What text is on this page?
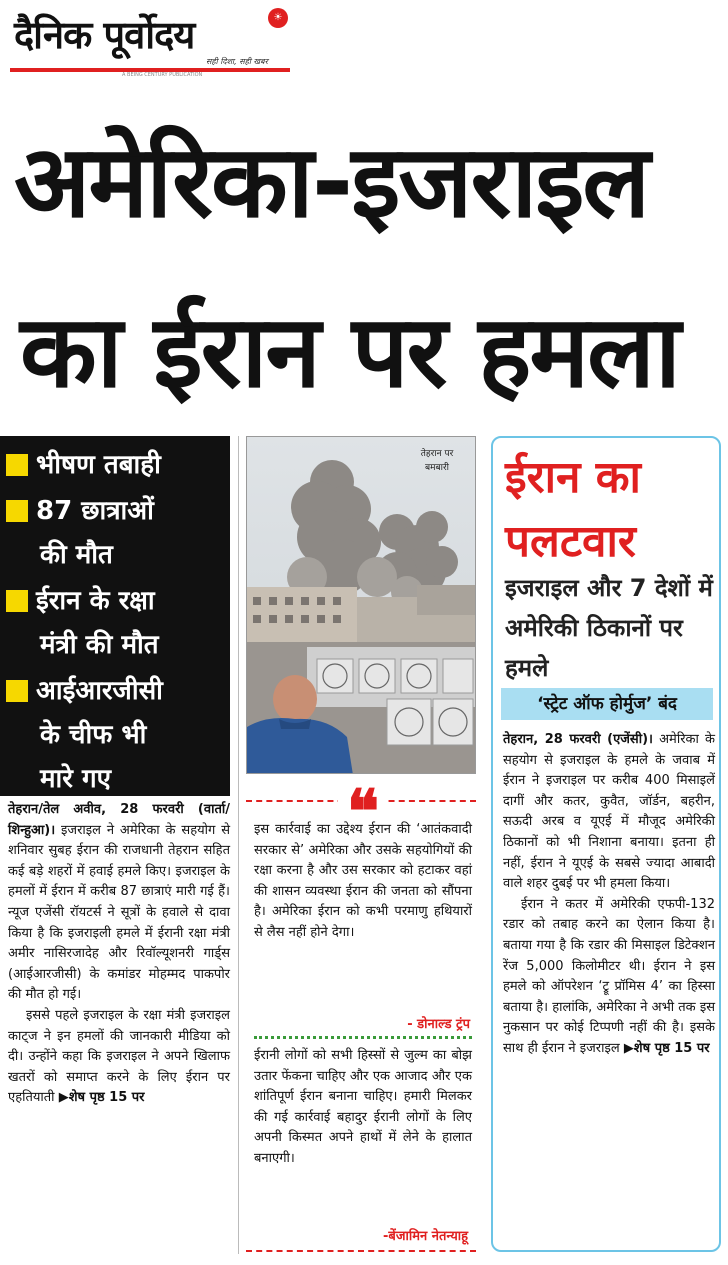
दैनिक पूर्वोदय	☀
सही दिशा, सही खबर
A BEING CENTURY PUBLICATION
अमेरिका-इजराइल
का ईरान पर हमला
भीषण तबाही
87 छात्राओं
की मौत
ईरान के रक्षा
मंत्री की मौत
आईआरजीसी
के चीफ भी
मारे गए
तेहरान पर
बमबारी	ईरान का
पलटवार
इजराइल और 7 देशों में अमेरिकी ठिकानों पर हमले
‘स्ट्रेट ऑफ होर्मुज’ बंद

तेहरान, 28 फरवरी (एजेंसी)। अमेरिका के सहयोग से इजराइल के हमले के जवाब में ईरान ने इजराइल पर करीब 400 मिसाइलें दागीं और कतर, कुवैत, जॉर्डन, बहरीन, सऊदी अरब व यूएई में मौजूद अमेरिकी ठिकानों को भी निशाना बनाया। इतना ही नहीं, ईरान ने यूएई के सबसे ज्यादा आबादी वाले शहर दुबई पर भी हमला किया।

ईरान ने कतर में अमेरिकी एफपी-132 रडार को तबाह करने का ऐलान किया है। बताया गया है कि रडार की मिसाइल डिटेक्शन रेंज 5,000 किलोमीटर थी। ईरान ने इस हमले को ऑपरेशन ‘ट्रू प्रॉमिस 4’ का हिस्सा बताया है। हालांकि, अमेरिका ने अभी तक इस नुकसान पर कोई टिप्पणी नहीं की है। इसके साथ ही ईरान ने इजराइल ▶शेष पृष्ठ 15 पर

तेहरान/तेल अवीव, 28 फरवरी (वार्ता/शिन्हुआ)। इजराइल ने अमेरिका के सहयोग से शनिवार सुबह ईरान की राजधानी तेहरान सहित कई बड़े शहरों में हवाई हमले किए। इजराइल के हमलों में ईरान में करीब 87 छात्राएं मारी गई हैं। न्यूज एजेंसी रॉयटर्स ने सूत्रों के हवाले से दावा किया है कि इजराइली हमले में ईरानी रक्षा मंत्री अमीर नासिरजादेह और रिवॉल्यूशनरी गार्ड्स (आईआरजीसी) के कमांडर मोहम्मद पाकपोर की मौत हो गई।

इससे पहले इजराइल के रक्षा मंत्री इजराइल काट्ज ने इन हमलों की जानकारी मीडिया को दी। उन्होंने कहा कि इजराइल ने अपने खिलाफ खतरों को समाप्त करने के लिए ईरान पर एहतियाती ▶शेष पृष्ठ 15 पर

❝
इस कार्रवाई का उद्देश्य ईरान की ‘आतंकवादी सरकार से’ अमेरिका और उसके सहयोगियों की रक्षा करना है और उस सरकार को हटाकर वहां की शासन व्यवस्था ईरान की जनता को सौंपना है। अमेरिका ईरान को कभी परमाणु हथियारों से लैस नहीं होने देगा।
- डोनाल्ड ट्रंप
ईरानी लोगों को सभी हिस्सों से जुल्म का बोझ उतार फेंकना चाहिए और एक आजाद और एक शांतिपूर्ण ईरान बनाना चाहिए। हमारी मिलकर की गई कार्रवाई बहादुर ईरानी लोगों के लिए अपनी किस्मत अपने हाथों में लेने के हालात बनाएगी।
-बेंजामिन नेतन्याहू
